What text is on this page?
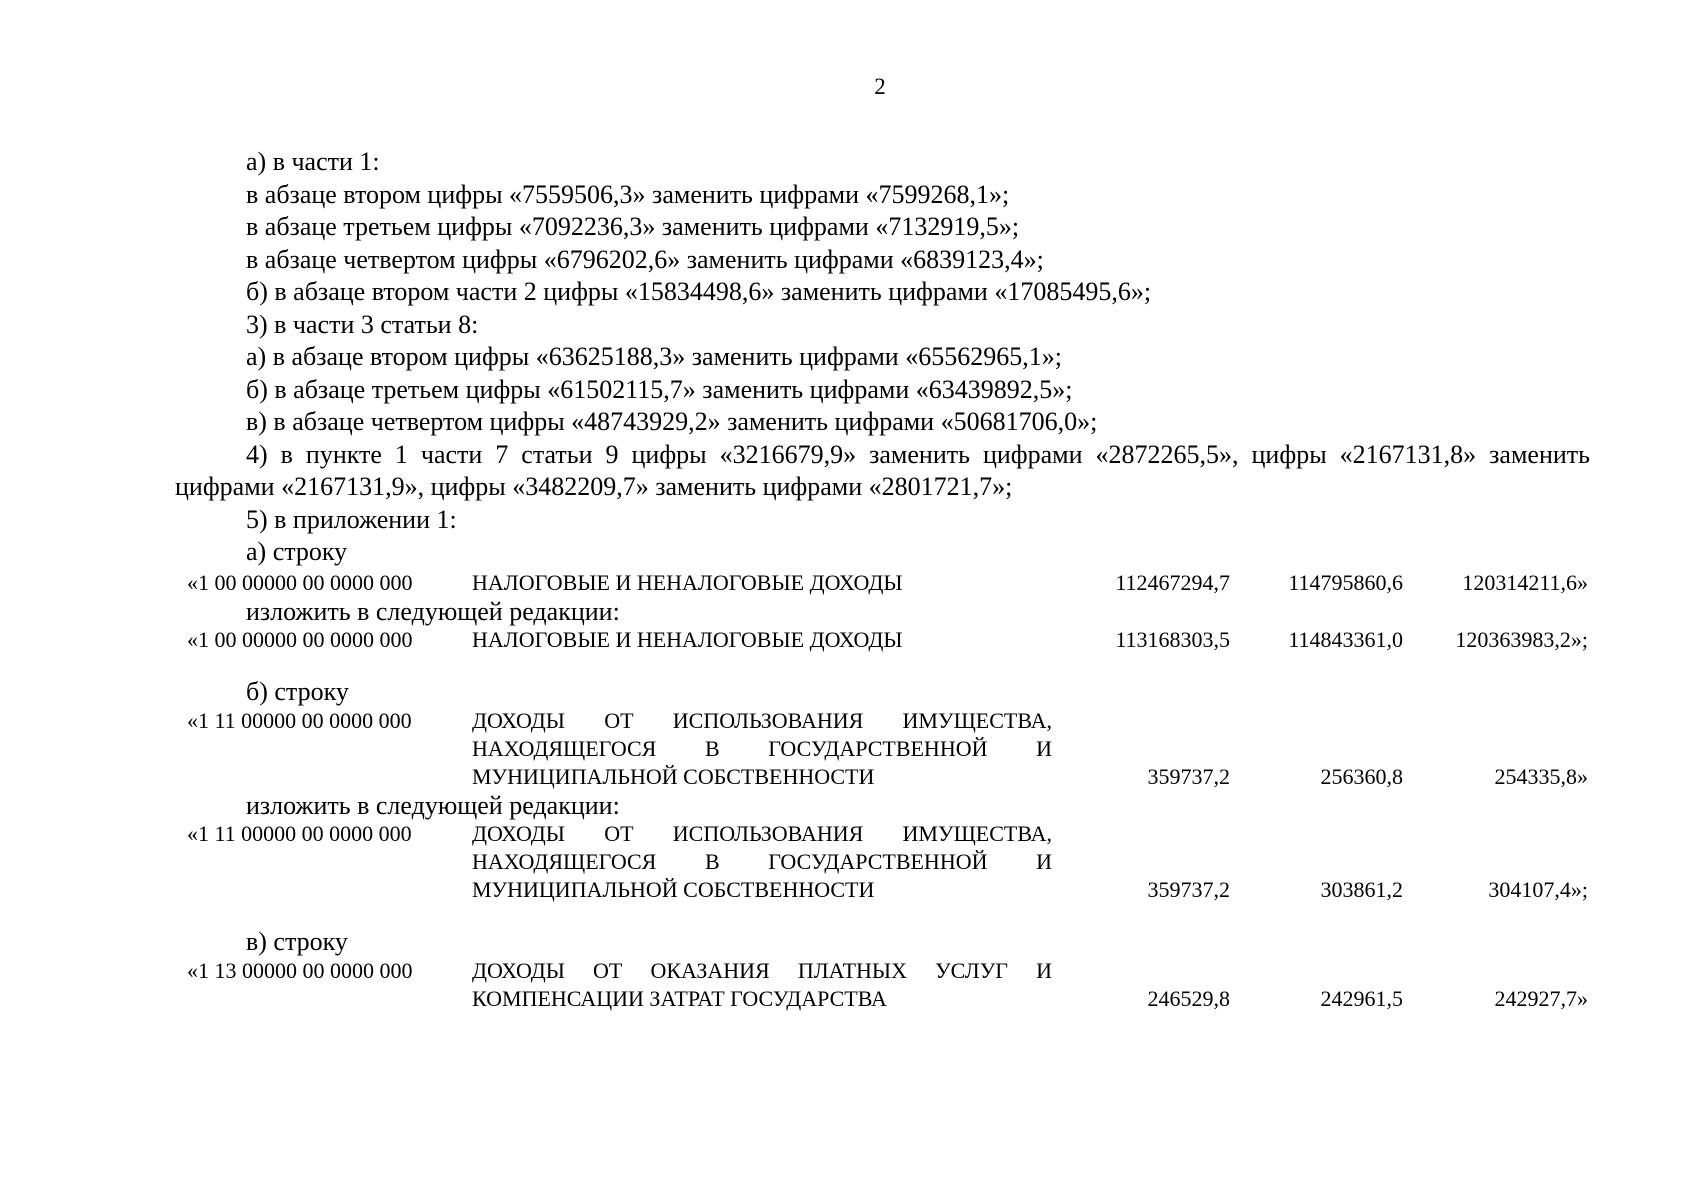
2

а) в части 1:

в абзаце втором цифры «7559506,3» заменить цифрами «7599268,1»;

в абзаце третьем цифры «7092236,3» заменить цифрами «7132919,5»;

в абзаце четвертом цифры «6796202,6» заменить цифрами «6839123,4»;

б) в абзаце втором части 2 цифры «15834498,6» заменить цифрами «17085495,6»;

3) в части 3 статьи 8:

а) в абзаце втором цифры «63625188,3» заменить цифрами «65562965,1»;

б) в абзаце третьем цифры «61502115,7» заменить цифрами «63439892,5»;

в) в абзаце четвертом цифры «48743929,2» заменить цифрами «50681706,0»;

4) в пункте 1 части 7 статьи 9 цифры «3216679,9» заменить цифрами «2872265,5», цифры «2167131,8» заменить цифрами «2167131,9», цифры «3482209,7» заменить цифрами «2801721,7»;

5) в приложении 1:

а) строку

«1 00 00000 00 0000 000	НАЛОГОВЫЕ И НЕНАЛОГОВЫЕ ДОХОДЫ	112467294,7	114795860,6	120314211,6»

изложить в следующей редакции:

«1 00 00000 00 0000 000	НАЛОГОВЫЕ И НЕНАЛОГОВЫЕ ДОХОДЫ	113168303,5	114843361,0	120363983,2»;

б) строку

«1 11 00000 00 0000 000	ДОХОДЫ ОТ ИСПОЛЬЗОВАНИЯ ИМУЩЕСТВА,
НАХОДЯЩЕГОСЯ В ГОСУДАРСТВЕННОЙ И
МУНИЦИПАЛЬНОЙ СОБСТВЕННОСТИ	359737,2	256360,8	254335,8»

изложить в следующей редакции:

«1 11 00000 00 0000 000	ДОХОДЫ ОТ ИСПОЛЬЗОВАНИЯ ИМУЩЕСТВА,
НАХОДЯЩЕГОСЯ В ГОСУДАРСТВЕННОЙ И
МУНИЦИПАЛЬНОЙ СОБСТВЕННОСТИ	359737,2	303861,2	304107,4»;

в) строку

«1 13 00000 00 0000 000	ДОХОДЫ ОТ ОКАЗАНИЯ ПЛАТНЫХ УСЛУГ И
КОМПЕНСАЦИИ ЗАТРАТ ГОСУДАРСТВА	246529,8	242961,5	242927,7»
